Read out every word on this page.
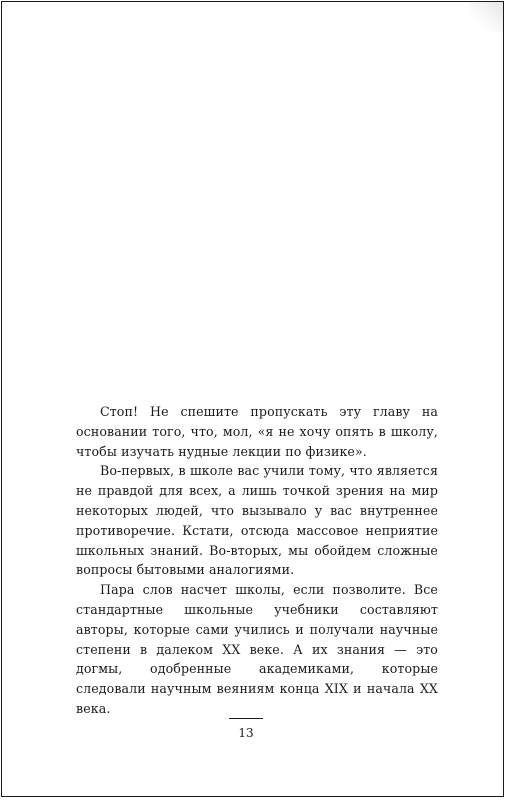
Стоп! Не спешите пропускать эту главу на основании того, что, мол, «я не хочу опять в школу, чтобы изучать нудные лекции по физике».

Во-первых, в школе вас учили тому, что является не правдой для всех, а лишь точкой зрения на мир некоторых людей, что вызывало у вас внутреннее противоречие. Кстати, отсюда массовое неприятие школьных знаний. Во-вторых, мы обойдем сложные вопросы бытовыми аналогиями.

Пара слов насчет школы, если позволите. Все стандартные школьные учебники составляют авторы, которые сами учились и получали научные степени в далеком XX веке. А их знания — это догмы, одобренные академиками, которые следовали научным веяниям конца XIX и начала XX века.

13
